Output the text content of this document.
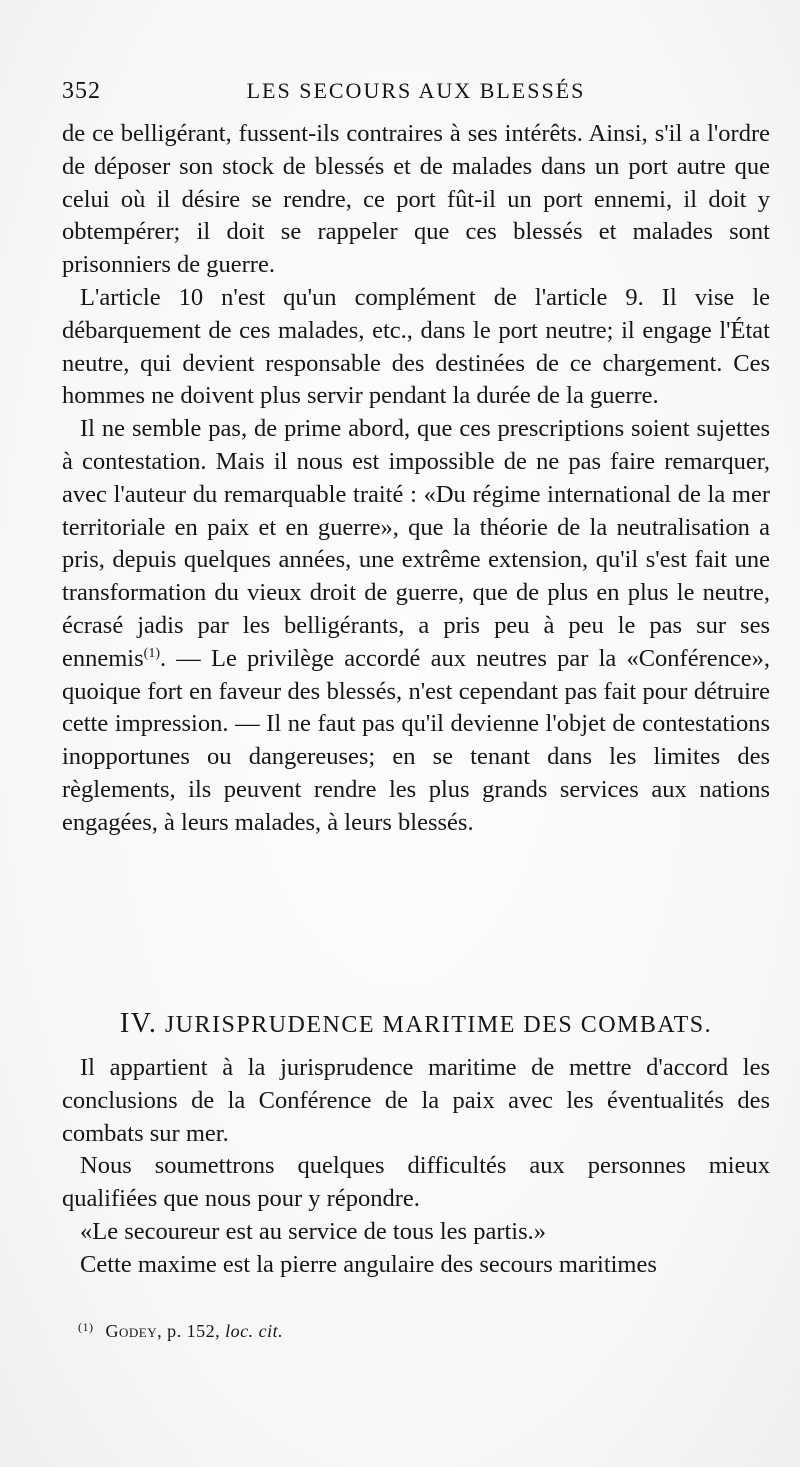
352	LES SECOURS AUX BLESSÉS

de ce belligérant, fussent-ils contraires à ses intérêts. Ainsi, s'il a l'ordre de déposer son stock de blessés et de malades dans un port autre que celui où il désire se rendre, ce port fût-il un port ennemi, il doit y obtempérer; il doit se rappeler que ces blessés et malades sont prisonniers de guerre.

L'article 10 n'est qu'un complément de l'article 9. Il vise le débarquement de ces malades, etc., dans le port neutre; il engage l'État neutre, qui devient responsable des destinées de ce chargement. Ces hommes ne doivent plus servir pendant la durée de la guerre.

Il ne semble pas, de prime abord, que ces prescriptions soient sujettes à contestation. Mais il nous est impossible de ne pas faire remarquer, avec l'auteur du remarquable traité : «Du régime international de la mer territoriale en paix et en guerre», que la théorie de la neutralisation a pris, depuis quelques années, une extrême extension, qu'il s'est fait une transformation du vieux droit de guerre, que de plus en plus le neutre, écrasé jadis par les belligérants, a pris peu à peu le pas sur ses ennemis$^{(1)}$. — Le privilège accordé aux neutres par la «Conférence», quoique fort en faveur des blessés, n'est cependant pas fait pour détruire cette impression. — Il ne faut pas qu'il devienne l'objet de contestations inopportunes ou dangereuses; en se tenant dans les limites des règlements, ils peuvent rendre les plus grands services aux nations engagées, à leurs malades, à leurs blessés.

IV. JURISPRUDENCE MARITIME DES COMBATS.

Il appartient à la jurisprudence maritime de mettre d'accord les conclusions de la Conférence de la paix avec les éventualités des combats sur mer.

Nous soumettrons quelques difficultés aux personnes mieux qualifiées que nous pour y répondre.

«Le secoureur est au service de tous les partis.»

Cette maxime est la pierre angulaire des secours maritimes

$^{(1)}$ Godey, p. 152, loc. cit.
